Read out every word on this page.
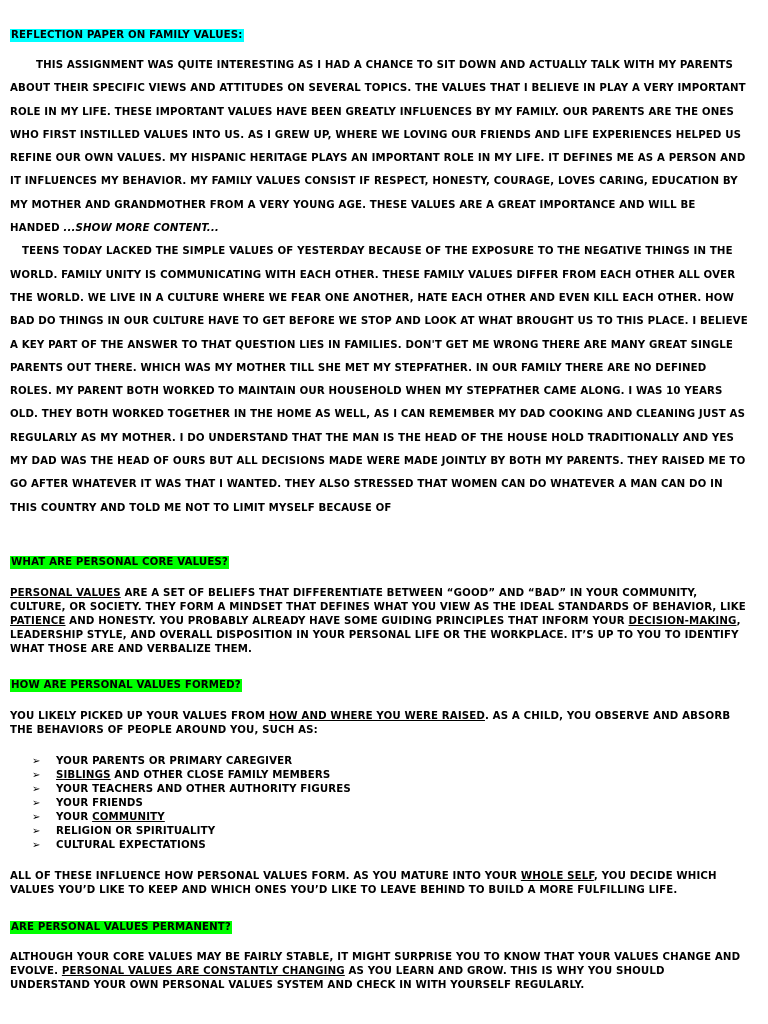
REFLECTION PAPER ON FAMILY VALUES:

THIS ASSIGNMENT WAS QUITE INTERESTING AS I HAD A CHANCE TO SIT DOWN AND ACTUALLY TALK WITH MY PARENTS ABOUT THEIR SPECIFIC VIEWS AND ATTITUDES ON SEVERAL TOPICS. THE VALUES THAT I BELIEVE IN PLAY A VERY IMPORTANT ROLE IN MY LIFE. THESE IMPORTANT VALUES HAVE BEEN GREATLY INFLUENCES BY MY FAMILY. OUR PARENTS ARE THE ONES WHO FIRST INSTILLED VALUES INTO US. AS I GREW UP, WHERE WE LOVING OUR FRIENDS AND LIFE EXPERIENCES HELPED US REFINE OUR OWN VALUES. MY HISPANIC HERITAGE PLAYS AN IMPORTANT ROLE IN MY LIFE. IT DEFINES ME AS A PERSON AND IT INFLUENCES MY BEHAVIOR. MY FAMILY VALUES CONSIST IF RESPECT, HONESTY, COURAGE, LOVES CARING, EDUCATION BY MY MOTHER AND GRANDMOTHER FROM A VERY YOUNG AGE. THESE VALUES ARE A GREAT IMPORTANCE AND WILL BE HANDED ...SHOW MORE CONTENT...

TEENS TODAY LACKED THE SIMPLE VALUES OF YESTERDAY BECAUSE OF THE EXPOSURE TO THE NEGATIVE THINGS IN THE WORLD. FAMILY UNITY IS COMMUNICATING WITH EACH OTHER. THESE FAMILY VALUES DIFFER FROM EACH OTHER ALL OVER THE WORLD. WE LIVE IN A CULTURE WHERE WE FEAR ONE ANOTHER, HATE EACH OTHER AND EVEN KILL EACH OTHER. HOW BAD DO THINGS IN OUR CULTURE HAVE TO GET BEFORE WE STOP AND LOOK AT WHAT BROUGHT US TO THIS PLACE. I BELIEVE A KEY PART OF THE ANSWER TO THAT QUESTION LIES IN FAMILIES. DON'T GET ME WRONG THERE ARE MANY GREAT SINGLE PARENTS OUT THERE. WHICH WAS MY MOTHER TILL SHE MET MY STEPFATHER. IN OUR FAMILY THERE ARE NO DEFINED ROLES. MY PARENT BOTH WORKED TO MAINTAIN OUR HOUSEHOLD WHEN MY STEPFATHER CAME ALONG. I WAS 10 YEARS OLD. THEY BOTH WORKED TOGETHER IN THE HOME AS WELL, AS I CAN REMEMBER MY DAD COOKING AND CLEANING JUST AS REGULARLY AS MY MOTHER. I DO UNDERSTAND THAT THE MAN IS THE HEAD OF THE HOUSE HOLD TRADITIONALLY AND YES MY DAD WAS THE HEAD OF OURS BUT ALL DECISIONS MADE WERE MADE JOINTLY BY BOTH MY PARENTS. THEY RAISED ME TO GO AFTER WHATEVER IT WAS THAT I WANTED. THEY ALSO STRESSED THAT WOMEN CAN DO WHATEVER A MAN CAN DO IN THIS COUNTRY AND TOLD ME NOT TO LIMIT MYSELF BECAUSE OF

WHAT ARE PERSONAL CORE VALUES?

PERSONAL VALUES ARE A SET OF BELIEFS THAT DIFFERENTIATE BETWEEN “GOOD” AND “BAD” IN YOUR COMMUNITY, CULTURE, OR SOCIETY. THEY FORM A MINDSET THAT DEFINES WHAT YOU VIEW AS THE IDEAL STANDARDS OF BEHAVIOR, LIKE PATIENCE AND HONESTY. YOU PROBABLY ALREADY HAVE SOME GUIDING PRINCIPLES THAT INFORM YOUR DECISION-MAKING, LEADERSHIP STYLE, AND OVERALL DISPOSITION IN YOUR PERSONAL LIFE OR THE WORKPLACE. IT’S UP TO YOU TO IDENTIFY WHAT THOSE ARE AND VERBALIZE THEM.

HOW ARE PERSONAL VALUES FORMED?

YOU LIKELY PICKED UP YOUR VALUES FROM HOW AND WHERE YOU WERE RAISED. AS A CHILD, YOU OBSERVE AND ABSORB THE BEHAVIORS OF PEOPLE AROUND YOU, SUCH AS:

➢	YOUR PARENTS OR PRIMARY CAREGIVER
➢	SIBLINGS AND OTHER CLOSE FAMILY MEMBERS
➢	YOUR TEACHERS AND OTHER AUTHORITY FIGURES
➢	YOUR FRIENDS
➢	YOUR COMMUNITY
➢	RELIGION OR SPIRITUALITY
➢	CULTURAL EXPECTATIONS

ALL OF THESE INFLUENCE HOW PERSONAL VALUES FORM. AS YOU MATURE INTO YOUR WHOLE SELF, YOU DECIDE WHICH VALUES YOU’D LIKE TO KEEP AND WHICH ONES YOU’D LIKE TO LEAVE BEHIND TO BUILD A MORE FULFILLING LIFE.

ARE PERSONAL VALUES PERMANENT?

ALTHOUGH YOUR CORE VALUES MAY BE FAIRLY STABLE, IT MIGHT SURPRISE YOU TO KNOW THAT YOUR VALUES CHANGE AND EVOLVE. PERSONAL VALUES ARE CONSTANTLY CHANGING AS YOU LEARN AND GROW. THIS IS WHY YOU SHOULD UNDERSTAND YOUR OWN PERSONAL VALUES SYSTEM AND CHECK IN WITH YOURSELF REGULARLY.
